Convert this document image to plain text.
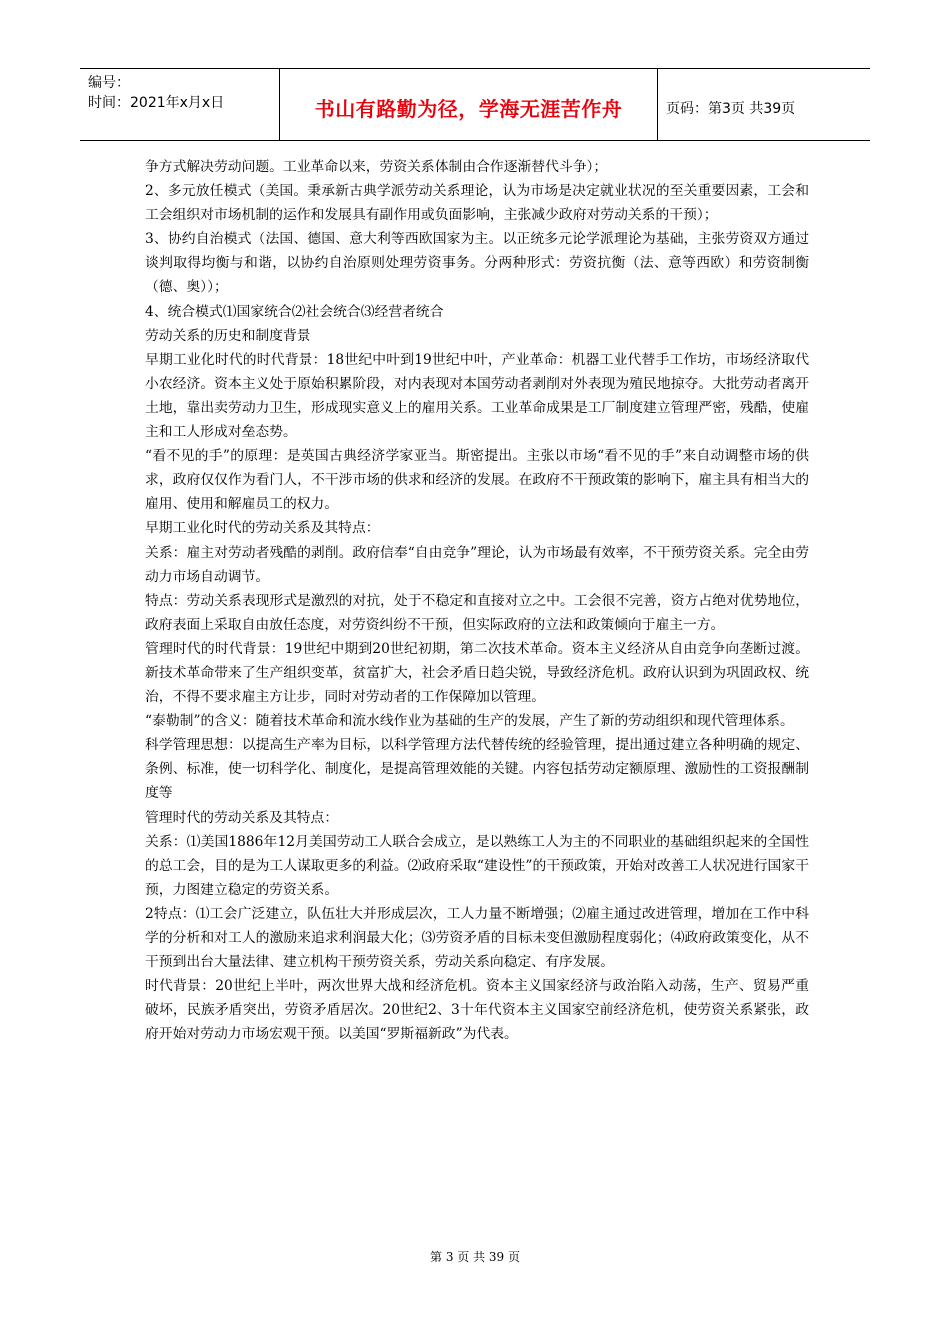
编号：
时间：2021年x月x日	书山有路勤为径，学海无涯苦作舟	页码：第3页 共39页

争方式解决劳动问题。工业革命以来，劳资关系体制由合作逐渐替代斗争）；

2、多元放任模式（美国。秉承新古典学派劳动关系理论，认为市场是决定就业状况的至关重要因素，工会和工会组织对市场机制的运作和发展具有副作用或负面影响，主张减少政府对劳动关系的干预）；

3、协约自治模式（法国、德国、意大利等西欧国家为主。以正统多元论学派理论为基础，主张劳资双方通过谈判取得均衡与和谐，以协约自治原则处理劳资事务。分两种形式：劳资抗衡（法、意等西欧）和劳资制衡（德、奥））；

4、统合模式⑴国家统合⑵社会统合⑶经营者统合

劳动关系的历史和制度背景

早期工业化时代的时代背景：18世纪中叶到19世纪中叶，产业革命：机器工业代替手工作坊，市场经济取代小农经济。资本主义处于原始积累阶段，对内表现对本国劳动者剥削对外表现为殖民地掠夺。大批劳动者离开土地，靠出卖劳动力卫生，形成现实意义上的雇用关系。工业革命成果是工厂制度建立管理严密，残酷，使雇主和工人形成对垒态势。

“看不见的手”的原理：是英国古典经济学家亚当。斯密提出。主张以市场“看不见的手”来自动调整市场的供求，政府仅仅作为看门人，不干涉市场的供求和经济的发展。在政府不干预政策的影响下，雇主具有相当大的雇用、使用和解雇员工的权力。

早期工业化时代的劳动关系及其特点：

关系：雇主对劳动者残酷的剥削。政府信奉“自由竞争”理论，认为市场最有效率，不干预劳资关系。完全由劳动力市场自动调节。

特点：劳动关系表现形式是激烈的对抗，处于不稳定和直接对立之中。工会很不完善，资方占绝对优势地位，政府表面上采取自由放任态度，对劳资纠纷不干预，但实际政府的立法和政策倾向于雇主一方。

管理时代的时代背景：19世纪中期到20世纪初期，第二次技术革命。资本主义经济从自由竞争向垄断过渡。新技术革命带来了生产组织变革，贫富扩大，社会矛盾日趋尖锐，导致经济危机。政府认识到为巩固政权、统治，不得不要求雇主方让步，同时对劳动者的工作保障加以管理。

“泰勒制”的含义：随着技术革命和流水线作业为基础的生产的发展，产生了新的劳动组织和现代管理体系。

科学管理思想：以提高生产率为目标，以科学管理方法代替传统的经验管理，提出通过建立各种明确的规定、条例、标准，使一切科学化、制度化，是提高管理效能的关键。内容包括劳动定额原理、激励性的工资报酬制度等

管理时代的劳动关系及其特点：

关系：⑴美国1886年12月美国劳动工人联合会成立，是以熟练工人为主的不同职业的基础组织起来的全国性的总工会，目的是为工人谋取更多的利益。⑵政府采取“建设性”的干预政策，开始对改善工人状况进行国家干预，力图建立稳定的劳资关系。

2特点：⑴工会广泛建立，队伍壮大并形成层次，工人力量不断增强；⑵雇主通过改进管理，增加在工作中科学的分析和对工人的激励来追求利润最大化；⑶劳资矛盾的目标未变但激励程度弱化；⑷政府政策变化，从不干预到出台大量法律、建立机构干预劳资关系，劳动关系向稳定、有序发展。

时代背景：20世纪上半叶，两次世界大战和经济危机。资本主义国家经济与政治陷入动荡，生产、贸易严重破坏，民族矛盾突出，劳资矛盾居次。20世纪2、3十年代资本主义国家空前经济危机，使劳资关系紧张，政府开始对劳动力市场宏观干预。以美国“罗斯福新政”为代表。

第 3 页 共 39 页
